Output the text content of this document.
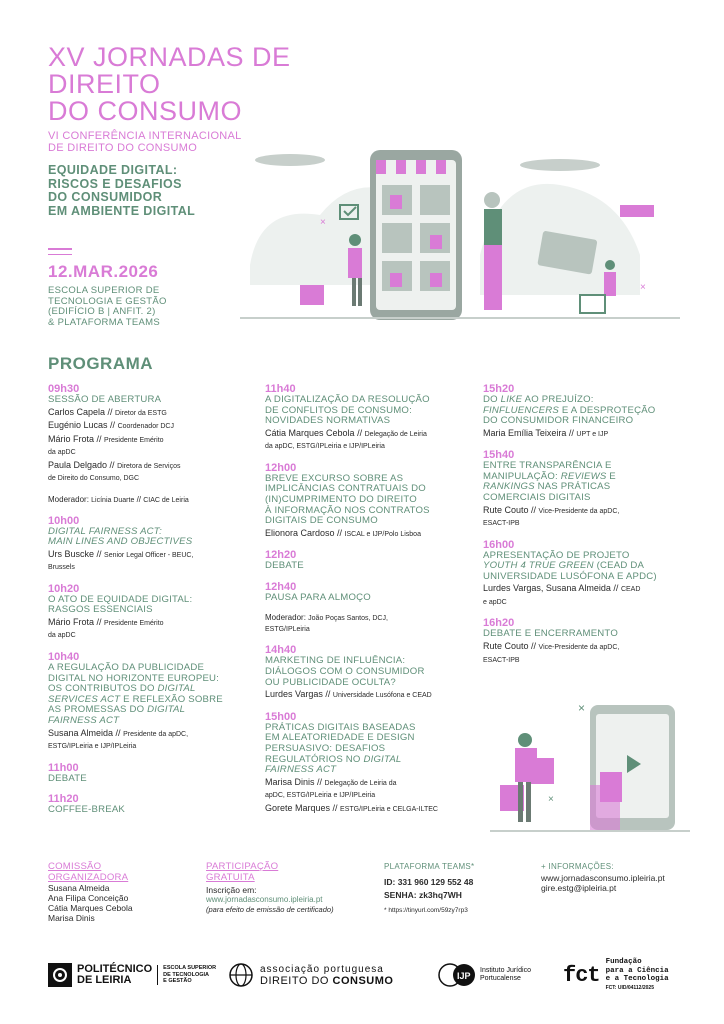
XV JORNADAS DE DIREITO
DO CONSUMO
VI CONFERÊNCIA INTERNACIONAL
DE DIREITO DO CONSUMO
EQUIDADE DIGITAL:
RISCOS E DESAFIOS
DO CONSUMIDOR
EM AMBIENTE DIGITAL
12.MAR.2026
ESCOLA SUPERIOR DE
TECNOLOGIA E GESTÃO
(EDIFÍCIO B | ANFIT. 2)
& PLATAFORMA TEAMS
×
×
PROGRAMA
09h30
SESSÃO DE ABERTURA
Carlos Capela // Diretor da ESTG
Eugénio Lucas // Coordenador DCJ
Mário Frota // Presidente Emérito
da apDC
Paula Delgado // Diretora de Serviços
de Direito do Consumo, DGC
Moderador: Licínia Duarte // CIAC de Leiria
10h00
DIGITAL FAIRNESS ACT:
MAIN LINES AND OBJECTIVES
Urs Buscke // Senior Legal Officer - BEUC,
Brussels
10h20
O ATO DE EQUIDADE DIGITAL:
RASGOS ESSENCIAIS
Mário Frota // Presidente Emérito
da apDC
10h40
A REGULAÇÃO DA PUBLICIDADE
DIGITAL NO HORIZONTE EUROPEU:
OS CONTRIBUTOS DO DIGITAL
SERVICES ACT E REFLEXÃO SOBRE
AS PROMESSAS DO DIGITAL
FAIRNESS ACT
Susana Almeida // Presidente da apDC,
ESTG/IPLeiria e IJP/IPLeiria
11h00
DEBATE
11h20
COFFEE-BREAK
11h40
A DIGITALIZAÇÃO DA RESOLUÇÃO
DE CONFLITOS DE CONSUMO:
NOVIDADES NORMATIVAS
Cátia Marques Cebola // Delegação de Leiria
da apDC, ESTG/IPLeiria e IJP/IPLeiria
12h00
BREVE EXCURSO SOBRE AS
IMPLICÂNCIAS CONTRATUAIS DO
(IN)CUMPRIMENTO DO DIREITO
À INFORMAÇÃO NOS CONTRATOS
DIGITAIS DE CONSUMO
Elionora Cardoso // ISCAL e IJP/Polo Lisboa
12h20
DEBATE
12h40
PAUSA PARA ALMOÇO
Moderador: João Poças Santos, DCJ,
ESTG/IPLeiria
14h40
MARKETING DE INFLUÊNCIA:
DIÁLOGOS COM O CONSUMIDOR
OU PUBLICIDADE OCULTA?
Lurdes Vargas // Universidade Lusófona e CEAD
15h00
PRÁTICAS DIGITAIS BASEADAS
EM ALEATORIEDADE E DESIGN
PERSUASIVO: DESAFIOS
REGULATÓRIOS NO DIGITAL
FAIRNESS ACT
Marisa Dinis // Delegação de Leiria da
apDC, ESTG/IPLeiria e IJP/IPLeiria
Gorete Marques // ESTG/IPLeiria e CELGA-ILTEC
15h20
DO LIKE AO PREJUÍZO:
FINFLUENCERS E A DESPROTEÇÃO
DO CONSUMIDOR FINANCEIRO
Maria Emília Teixeira // UPT e IJP
15h40
ENTRE TRANSPARÊNCIA E
MANIPULAÇÃO: REVIEWS E
RANKINGS NAS PRÁTICAS
COMERCIAIS DIGITAIS
Rute Couto // Vice-Presidente da apDC,
ESACT-IPB
16h00
APRESENTAÇÃO DE PROJETO
YOUTH 4 TRUE GREEN (CEAD DA
UNIVERSIDADE LUSÓFONA E APDC)
Lurdes Vargas, Susana Almeida // CEAD
e apDC
16h20
DEBATE E ENCERRAMENTO
Rute Couto // Vice-Presidente da apDC,
ESACT-IPB
×
×
COMISSÃO
ORGANIZADORA
Susana Almeida
Ana Filipa Conceição
Cátia Marques Cebola
Marisa Dinis
PARTICIPAÇÃO
GRATUITA
Inscrição em:
www.jornadasconsumo.ipleiria.pt
(para efeito de emissão de certificado)
PLATAFORMA TEAMS*
ID: 331 960 129 552 48
SENHA: zk3hq7WH
* https://tinyurl.com/59zy7rp3
+ INFORMAÇÕES:
www.jornadasconsumo.ipleiria.pt
gire.estg@ipleiria.pt
POLITÉCNICO
DE LEIRIA
ESCOLA SUPERIOR
DE TECNOLOGIA
E GESTÃO
associação portuguesa
DIREITO DO CONSUMO	IJP
Instituto Jurídico
Portucalense	fct
Fundação
para a Ciência
e a Tecnologia
FCT: UID/04112/2025
